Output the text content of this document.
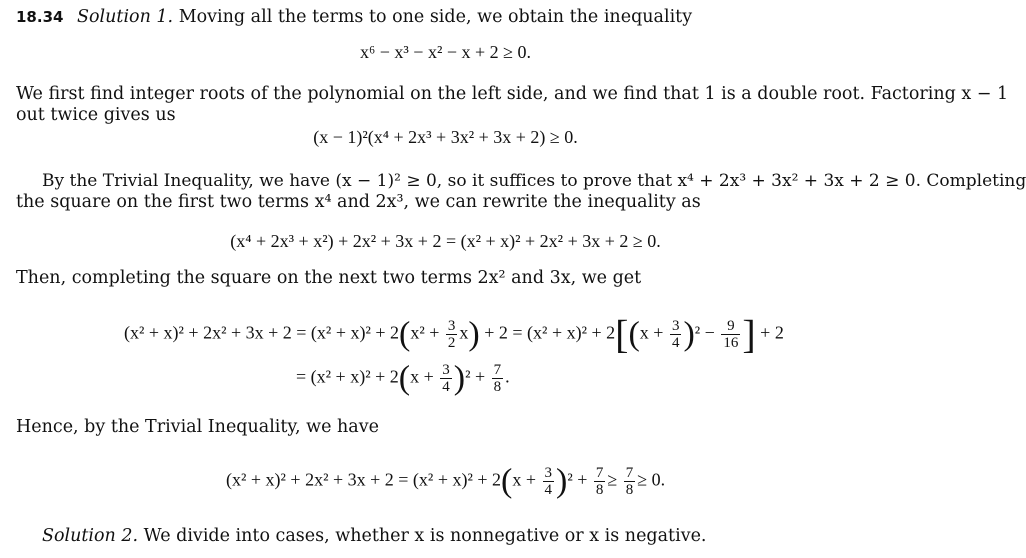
18.34 Solution 1. Moving all the terms to one side, we obtain the inequality
x⁶ − x³ − x² − x + 2 ≥ 0.
We first find integer roots of the polynomial on the left side, and we find that 1 is a double root. Factoring x − 1
out twice gives us
(x − 1)²(x⁴ + 2x³ + 3x² + 3x + 2) ≥ 0.
By the Trivial Inequality, we have (x − 1)² ≥ 0, so it suffices to prove that x⁴ + 2x³ + 3x² + 3x + 2 ≥ 0. Completing
the square on the first two terms x⁴ and 2x³, we can rewrite the inequality as
(x⁴ + 2x³ + x²) + 2x² + 3x + 2 = (x² + x)² + 2x² + 3x + 2 ≥ 0.
Then, completing the square on the next two terms 2x² and 3x, we get
$(x^2 + x)^2 + 2x^2 + 3x + 2 = (x^2 + x)^2 + 2(x^2 + \frac{3}{2} x) + 2 = (x^2 + x)^2 + 2[(x + \frac{3}{4} )^2 - \frac{9}{16}$ ] + 2
= $(x^2 + x)^2 + 2(x + \frac{3}{4} )^2 + \frac{7}{8}$ .
Hence, by the Trivial Inequality, we have
$(x^2 + x)^2 + 2x^2 + 3x + 2 = (x^2 + x)^2 + 2(x + \frac{3}{4} )^2 + \frac{7}{8} \ge \frac{7}{8} \ge 0$.
Solution 2. We divide into cases, whether x is nonnegative or x is negative.
